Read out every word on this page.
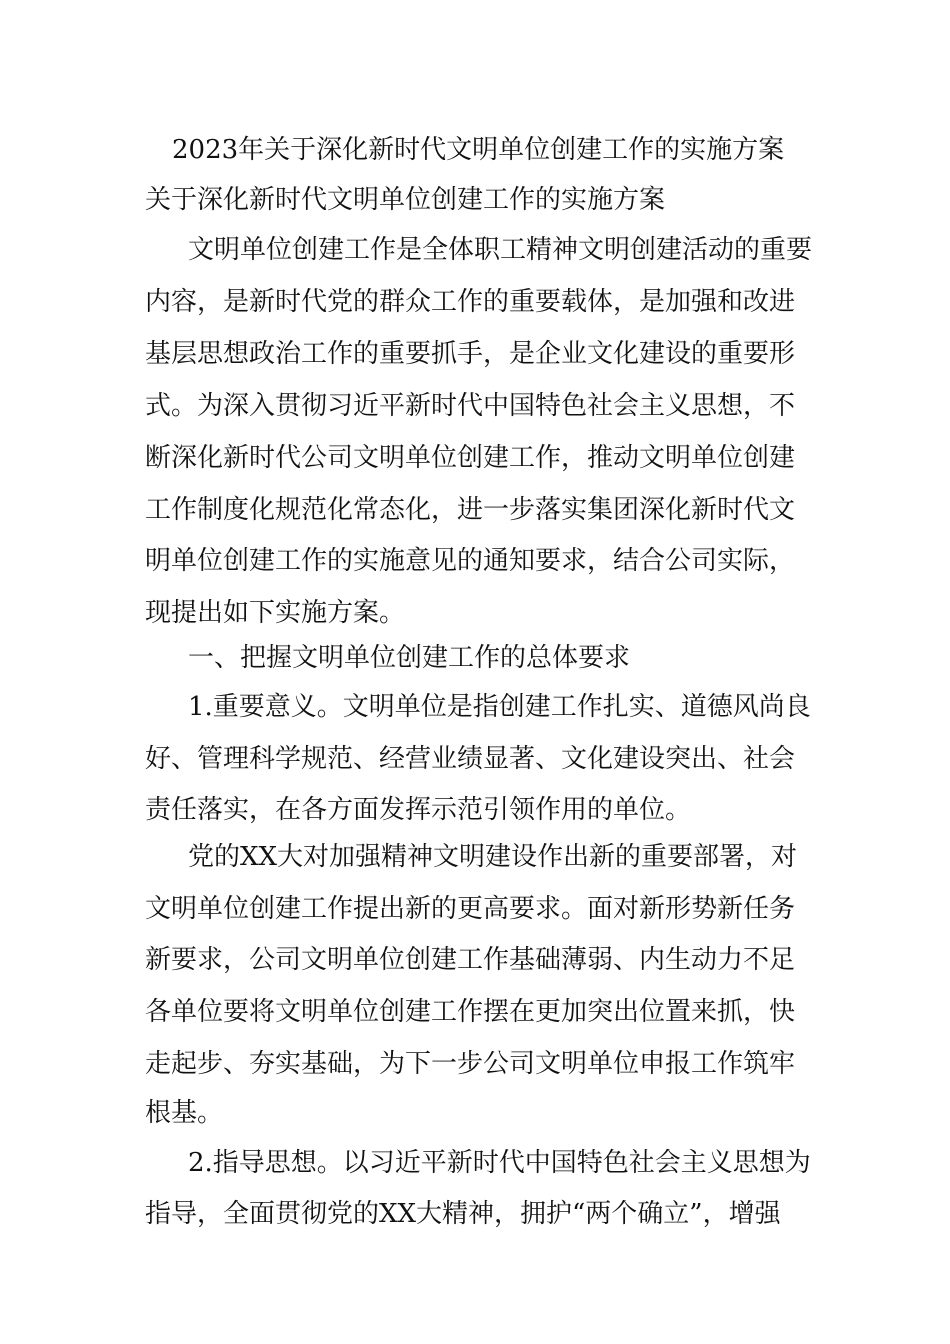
2023年关于深化新时代文明单位创建工作的实施方案
关于深化新时代文明单位创建工作的实施方案
文明单位创建工作是全体职工精神文明创建活动的重要
内容，是新时代党的群众工作的重要载体，是加强和改进
基层思想政治工作的重要抓手，是企业文化建设的重要形
式。为深入贯彻习近平新时代中国特色社会主义思想，不
断深化新时代公司文明单位创建工作，推动文明单位创建
工作制度化规范化常态化，进一步落实集团深化新时代文
明单位创建工作的实施意见的通知要求，结合公司实际，
现提出如下实施方案。
一、把握文明单位创建工作的总体要求
1.重要意义。文明单位是指创建工作扎实、道德风尚良
好、管理科学规范、经营业绩显著、文化建设突出、社会
责任落实，在各方面发挥示范引领作用的单位。
党的XX大对加强精神文明建设作出新的重要部署，对
文明单位创建工作提出新的更高要求。面对新形势新任务
新要求，公司文明单位创建工作基础薄弱、内生动力不足
各单位要将文明单位创建工作摆在更加突出位置来抓，快
走起步、夯实基础，为下一步公司文明单位申报工作筑牢
根基。
2.指导思想。以习近平新时代中国特色社会主义思想为
指导，全面贯彻党的XX大精神，拥护“两个确立”，增强
